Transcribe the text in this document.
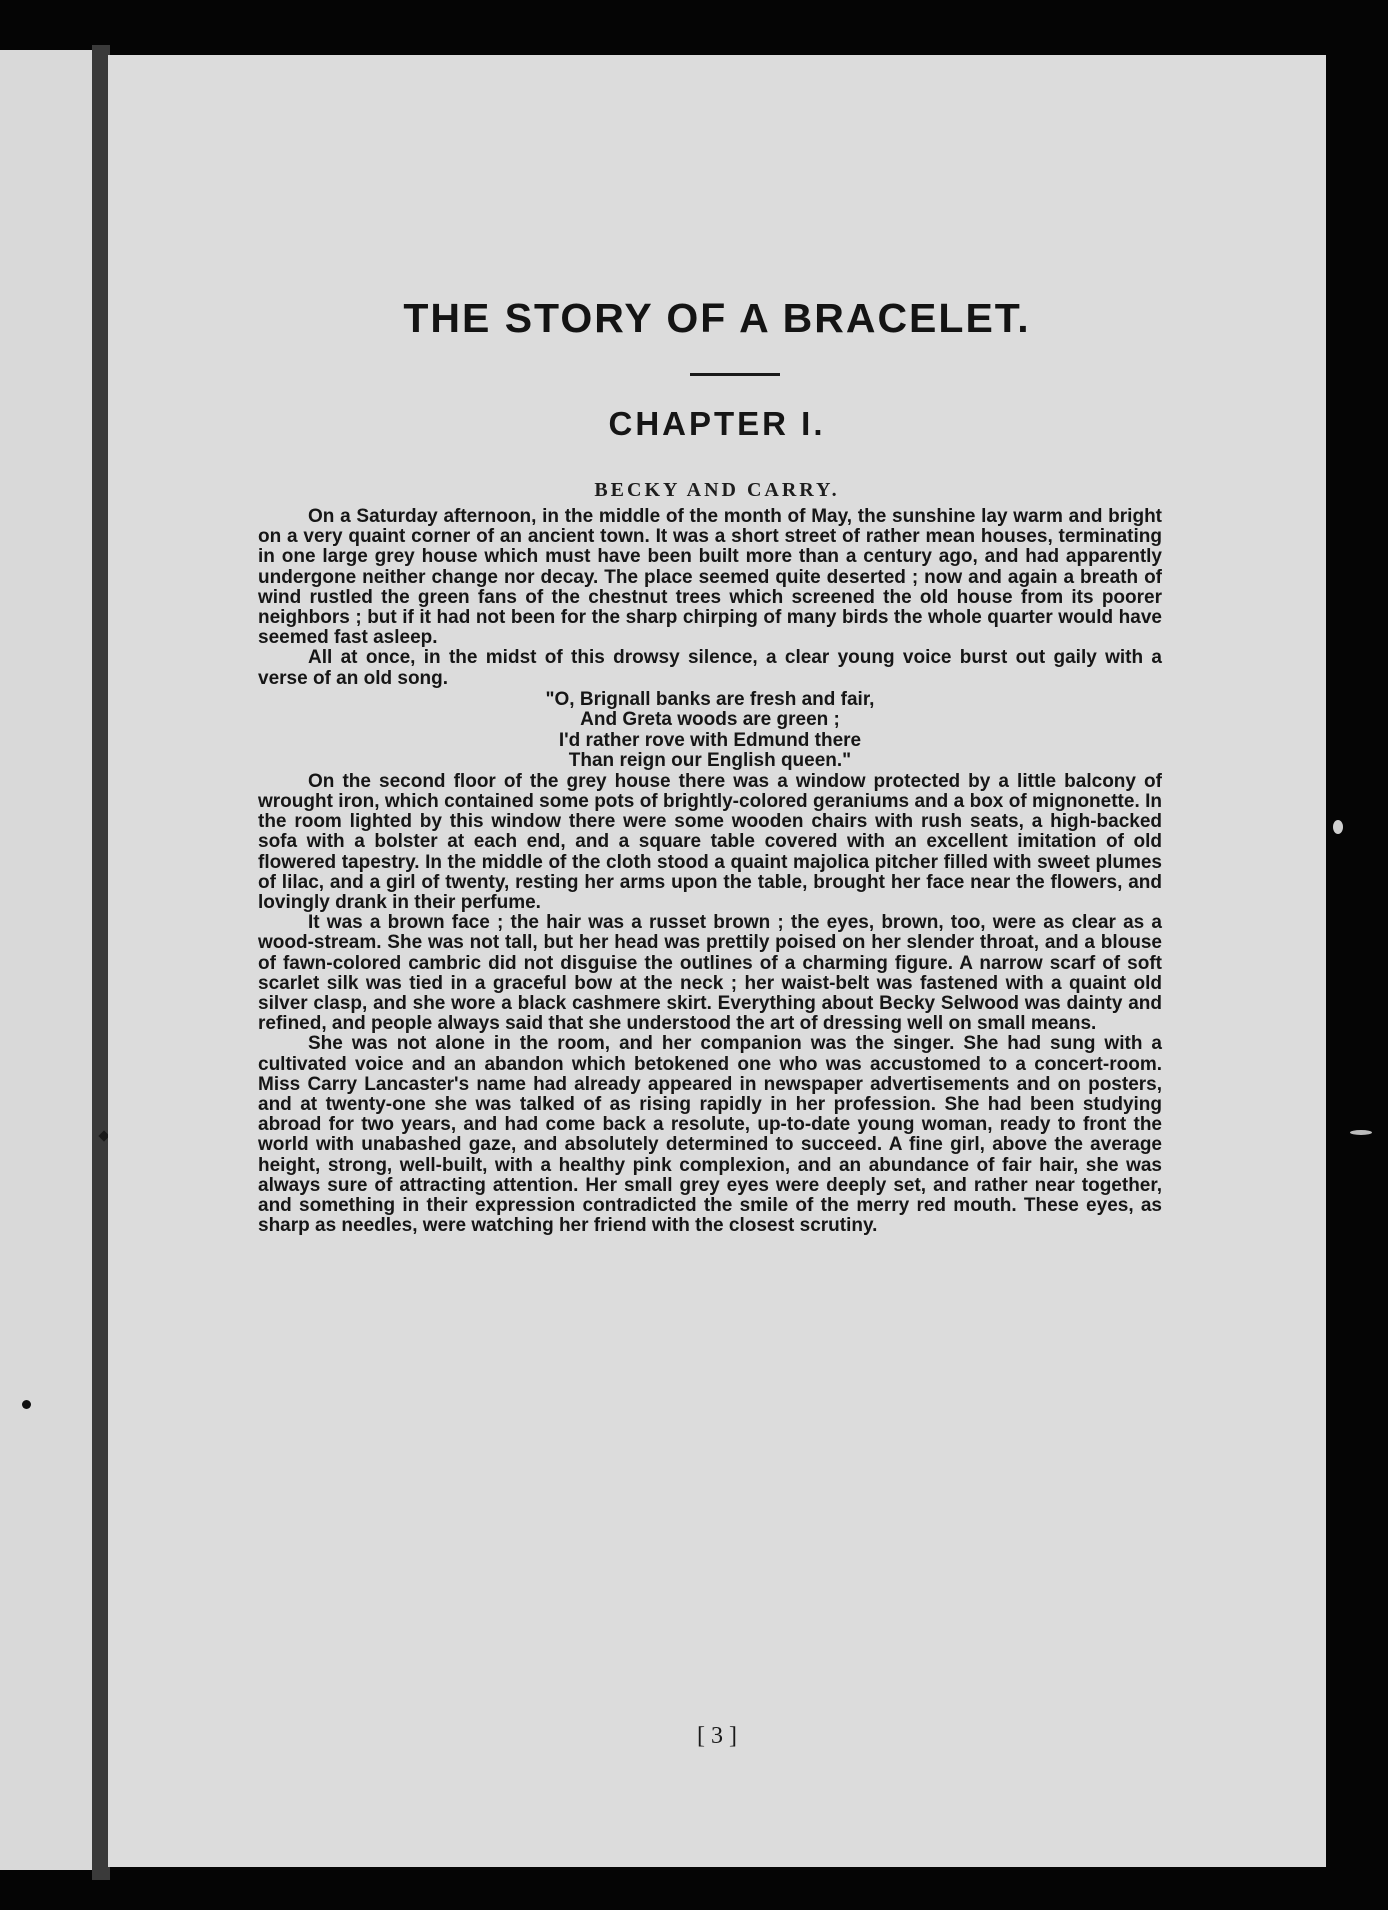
THE STORY OF A BRACELET.
CHAPTER I.
BECKY AND CARRY.

On a Saturday afternoon, in the middle of the month of May, the sunshine lay warm and bright on a very quaint corner of an ancient town. It was a short street of rather mean houses, terminating in one large grey house which must have been built more than a century ago, and had apparently undergone neither change nor decay. The place seemed quite deserted ; now and again a breath of wind rustled the green fans of the chestnut trees which screened the old house from its poorer neighbors ; but if it had not been for the sharp chirping of many birds the whole quarter would have seemed fast asleep.

All at once, in the midst of this drowsy silence, a clear young voice burst out gaily with a verse of an old song.

"O, Brignall banks are fresh and fair,
And Greta woods are green ;
I'd rather rove with Edmund there
Than reign our English queen."

On the second floor of the grey house there was a window protected by a little balcony of wrought iron, which contained some pots of brightly-colored geraniums and a box of mignonette. In the room lighted by this window there were some wooden chairs with rush seats, a high-backed sofa with a bolster at each end, and a square table covered with an excellent imitation of old flowered tapestry. In the middle of the cloth stood a quaint majolica pitcher filled with sweet plumes of lilac, and a girl of twenty, resting her arms upon the table, brought her face near the flowers, and lovingly drank in their perfume.

It was a brown face ; the hair was a russet brown ; the eyes, brown, too, were as clear as a wood-stream. She was not tall, but her head was prettily poised on her slender throat, and a blouse of fawn-colored cambric did not disguise the outlines of a charming figure. A narrow scarf of soft scarlet silk was tied in a graceful bow at the neck ; her waist-belt was fastened with a quaint old silver clasp, and she wore a black cashmere skirt. Everything about Becky Selwood was dainty and refined, and people always said that she understood the art of dressing well on small means.

She was not alone in the room, and her companion was the singer. She had sung with a cultivated voice and an abandon which betokened one who was accustomed to a concert-room. Miss Carry Lancaster's name had already appeared in newspaper advertisements and on posters, and at twenty-one she was talked of as rising rapidly in her profession. She had been studying abroad for two years, and had come back a resolute, up-to-date young woman, ready to front the world with unabashed gaze, and absolutely determined to succeed. A fine girl, above the average height, strong, well-built, with a healthy pink complexion, and an abundance of fair hair, she was always sure of attracting attention. Her small grey eyes were deeply set, and rather near together, and something in their expression contradicted the smile of the merry red mouth. These eyes, as sharp as needles, were watching her friend with the closest scrutiny.

[ 3 ]
